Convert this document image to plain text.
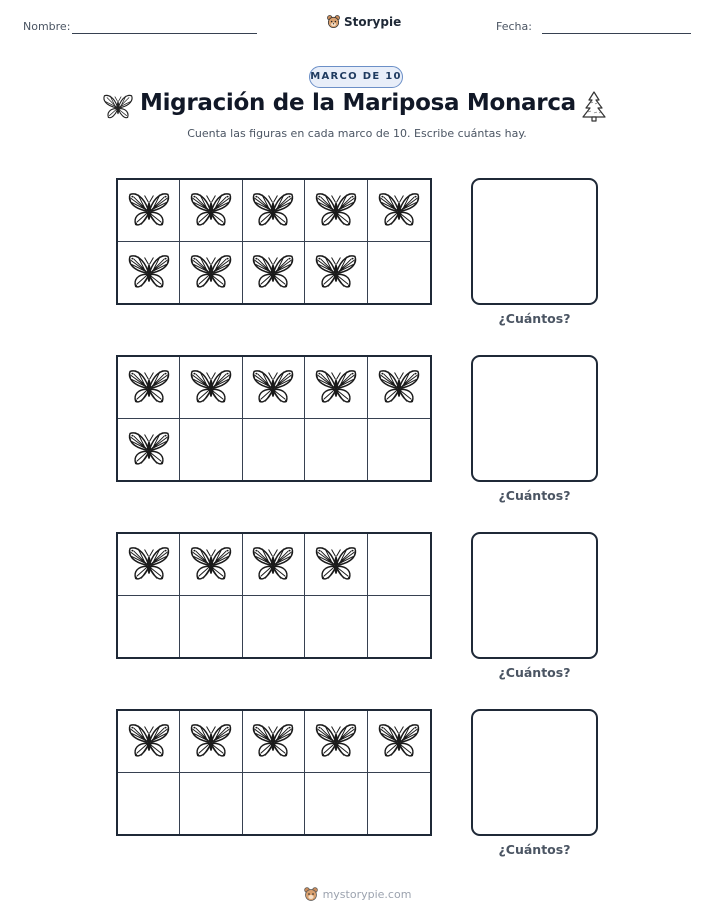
Nombre:	Storypie	Fecha:
MARCO DE 10
Migración de la Mariposa Monarca
Cuenta las figuras en cada marco de 10. Escribe cuántas hay.
¿Cuántos?
¿Cuántos?
¿Cuántos?
¿Cuántos?
mystorypie.com
